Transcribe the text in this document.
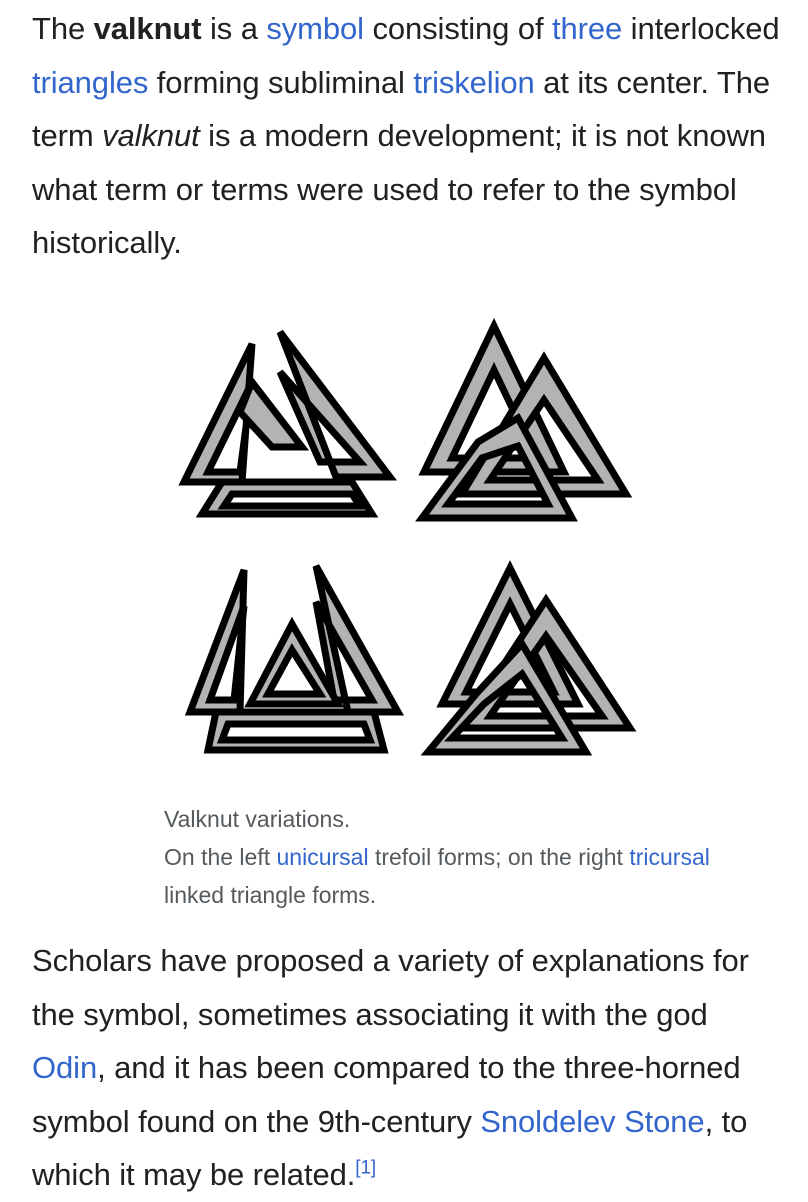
The valknut is a symbol consisting of three interlocked triangles forming subliminal triskelion at its center. The term valknut is a modern development; it is not known what term or terms were used to refer to the symbol historically.

Scholars have proposed a variety of explanations for the symbol, sometimes associating it with the god Odin, and it has been compared to the three-horned symbol found on the 9th-century Snoldelev Stone, to which it may be related.[1]

Valknut variations.
On the left unicursal trefoil forms; on the right tricursal linked triangle forms.
